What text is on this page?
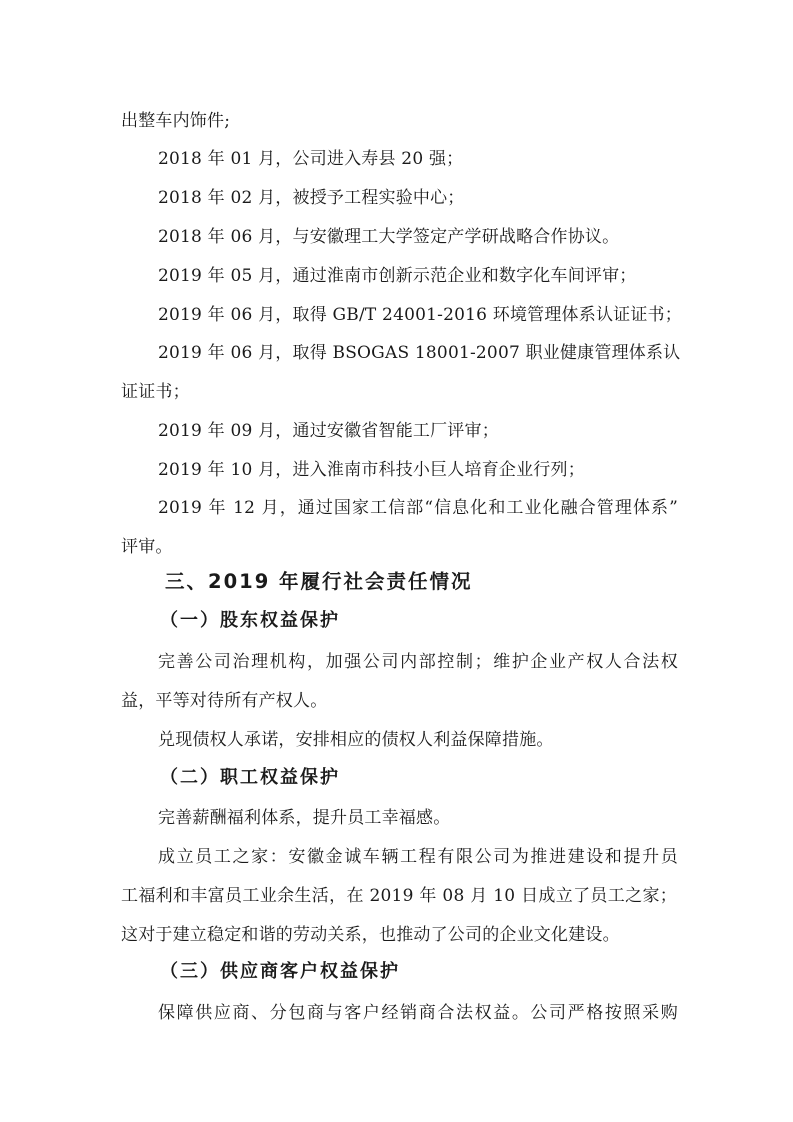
出整车内饰件;
2018 年 01 月，公司进入寿县 20 强；
2018 年 02 月，被授予工程实验中心；
2018 年 06 月，与安徽理工大学签定产学研战略合作协议。
2019 年 05 月，通过淮南市创新示范企业和数字化车间评审；
2019 年 06 月，取得 GB/T 24001-2016 环境管理体系认证证书；
2019 年 06 月，取得 BSOGAS 18001-2007 职业健康管理体系认
证证书；
2019 年 09 月，通过安徽省智能工厂评审；
2019 年 10 月，进入淮南市科技小巨人培育企业行列；
2019 年 12 月，通过国家工信部“信息化和工业化融合管理体系”
评审。
三、2019 年履行社会责任情况
（一）股东权益保护
完善公司治理机构，加强公司内部控制；维护企业产权人合法权
益，平等对待所有产权人。
兑现债权人承诺，安排相应的债权人利益保障措施。
（二）职工权益保护
完善薪酬福利体系，提升员工幸福感。
成立员工之家：安徽金诚车辆工程有限公司为推进建设和提升员
工福利和丰富员工业余生活，在 2019 年 08 月 10 日成立了员工之家；
这对于建立稳定和谐的劳动关系，也推动了公司的企业文化建设。
（三）供应商客户权益保护
保障供应商、分包商与客户经销商合法权益。公司严格按照采购
